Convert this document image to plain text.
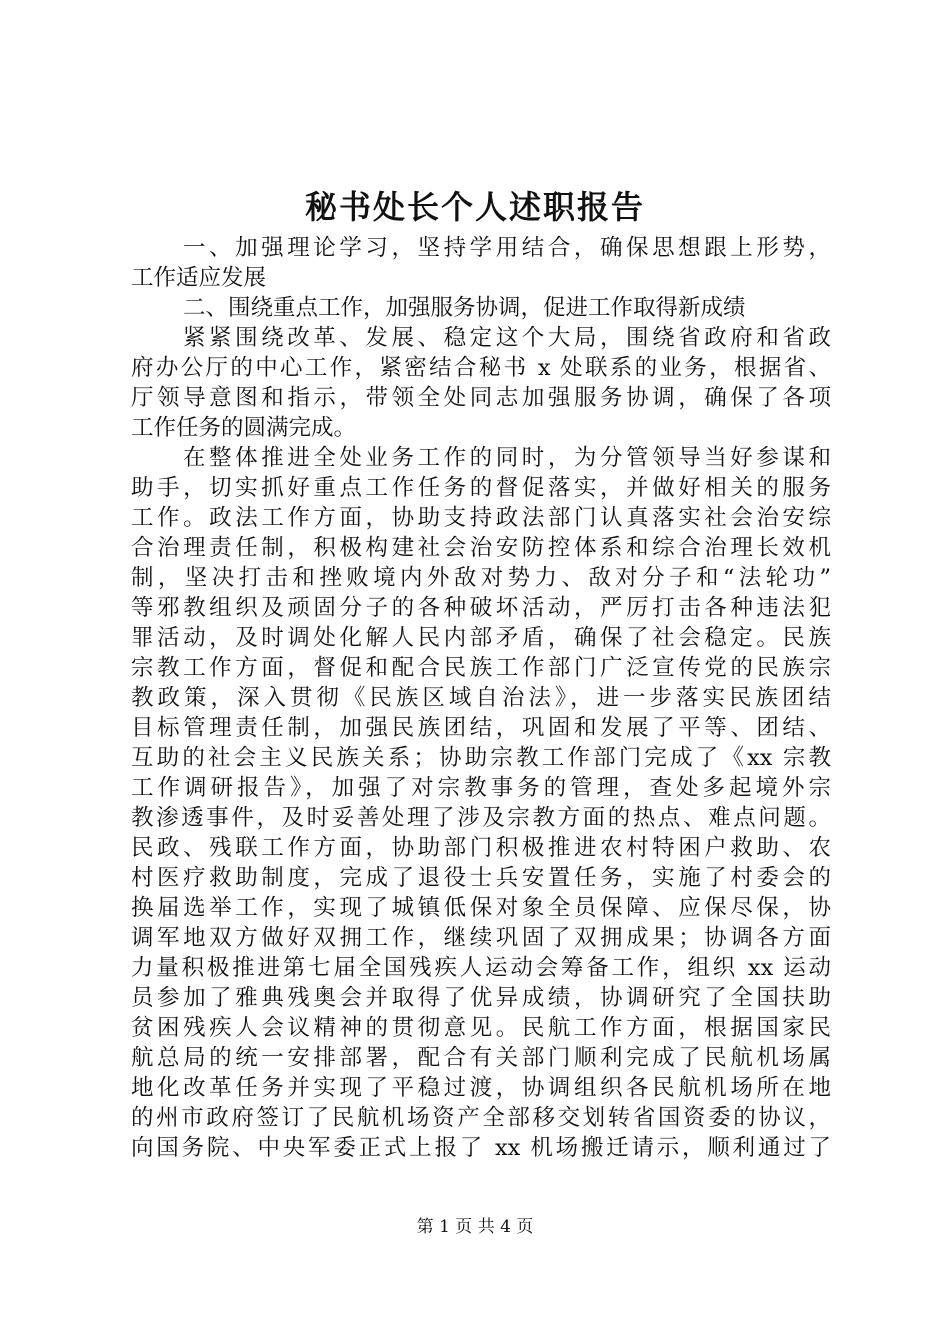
秘书处长个人述职报告
一、加强理论学习，坚持学用结合，确保思想跟上形势，
工作适应发展
二、围绕重点工作，加强服务协调，促进工作取得新成绩
紧紧围绕改革、发展、稳定这个大局，围绕省政府和省政
府办公厅的中心工作，紧密结合秘书 x 处联系的业务，根据省、
厅领导意图和指示，带领全处同志加强服务协调，确保了各项
工作任务的圆满完成。
在整体推进全处业务工作的同时，为分管领导当好参谋和
助手，切实抓好重点工作任务的督促落实，并做好相关的服务
工作。政法工作方面，协助支持政法部门认真落实社会治安综
合治理责任制，积极构建社会治安防控体系和综合治理长效机
制，坚决打击和挫败境内外敌对势力、敌对分子和“法轮功”
等邪教组织及顽固分子的各种破坏活动，严厉打击各种违法犯
罪活动，及时调处化解人民内部矛盾，确保了社会稳定。民族
宗教工作方面，督促和配合民族工作部门广泛宣传党的民族宗
教政策，深入贯彻《民族区域自治法》，进一步落实民族团结
目标管理责任制，加强民族团结，巩固和发展了平等、团结、
互助的社会主义民族关系；协助宗教工作部门完成了《xx 宗教
工作调研报告》，加强了对宗教事务的管理，查处多起境外宗
教渗透事件，及时妥善处理了涉及宗教方面的热点、难点问题。
民政、残联工作方面，协助部门积极推进农村特困户救助、农
村医疗救助制度，完成了退役士兵安置任务，实施了村委会的
换届选举工作，实现了城镇低保对象全员保障、应保尽保，协
调军地双方做好双拥工作，继续巩固了双拥成果；协调各方面
力量积极推进第七届全国残疾人运动会筹备工作，组织 xx 运动
员参加了雅典残奥会并取得了优异成绩，协调研究了全国扶助
贫困残疾人会议精神的贯彻意见。民航工作方面，根据国家民
航总局的统一安排部署，配合有关部门顺利完成了民航机场属
地化改革任务并实现了平稳过渡，协调组织各民航机场所在地
的州市政府签订了民航机场资产全部移交划转省国资委的协议，
向国务院、中央军委正式上报了 xx 机场搬迁请示，顺利通过了
第 1 页 共 4 页
